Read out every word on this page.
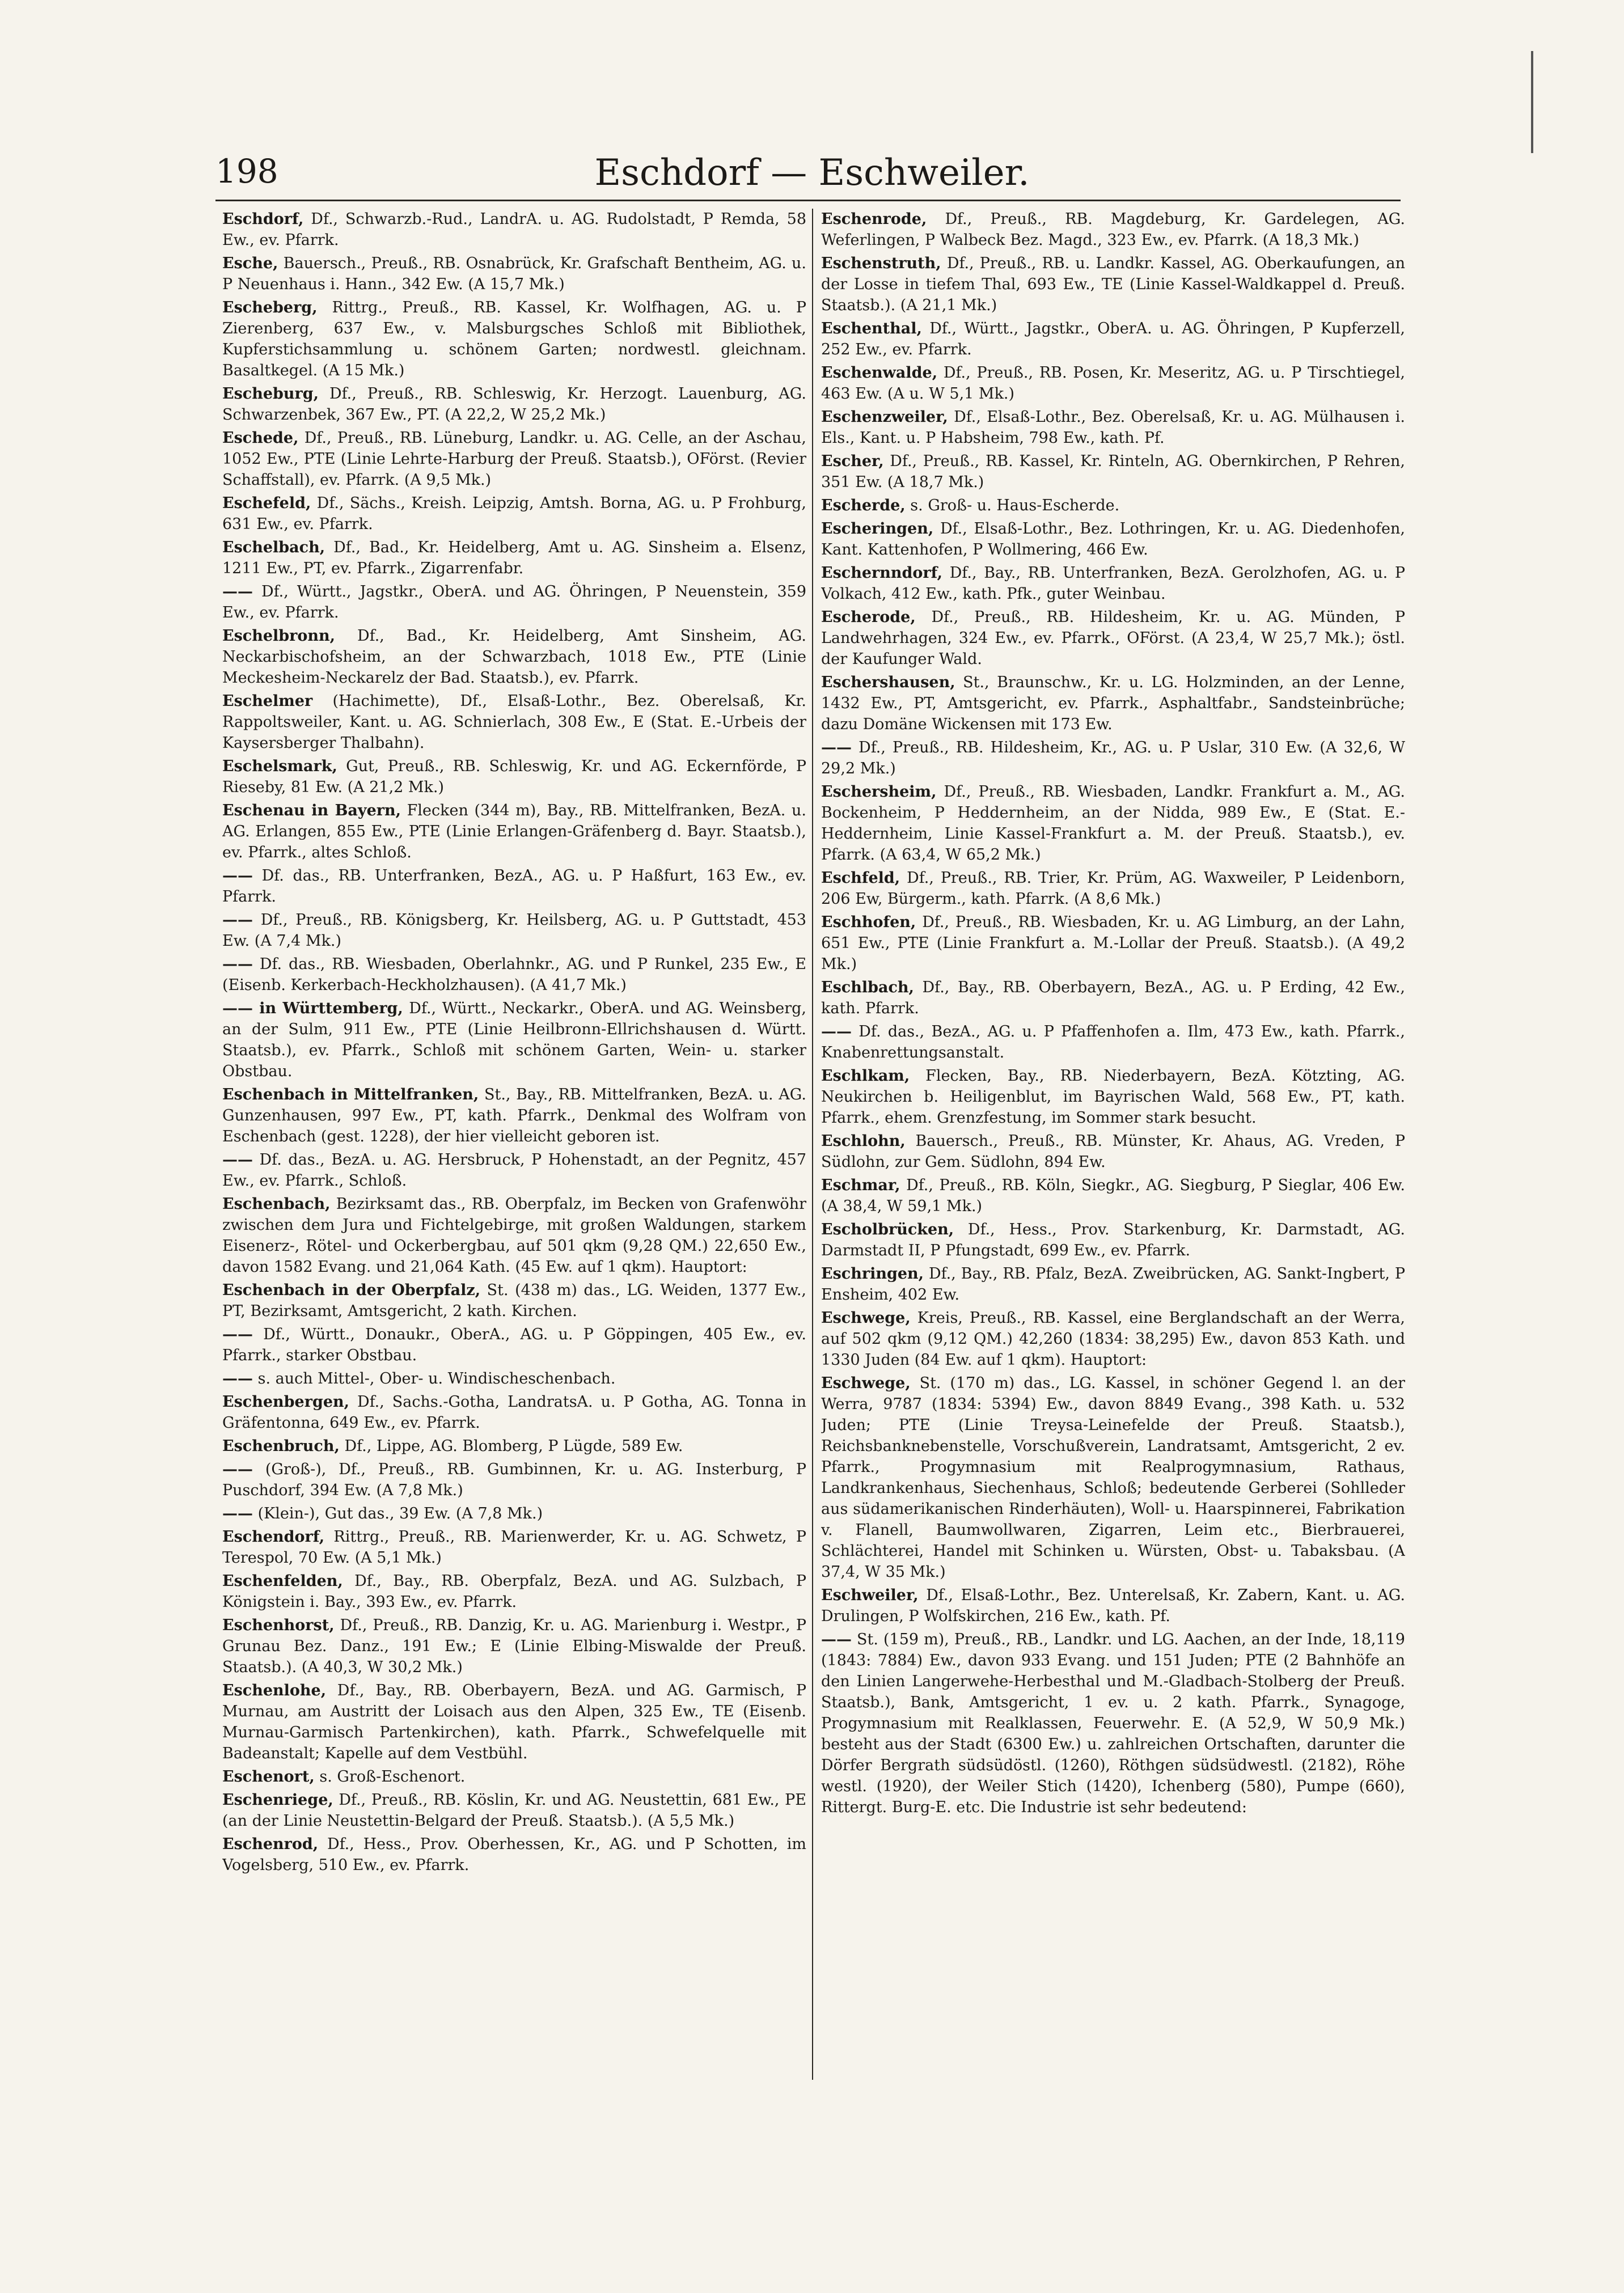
198	Eschdorf — Eschweiler.

Eschdorf, Df., Schwarzb.-Rud., LandrA. u. AG. Rudolstadt, P Remda, 58 Ew., ev. Pfarrk.

Esche, Bauersch., Preuß., RB. Osnabrück, Kr. Grafschaft Bentheim, AG. u. P Neuenhaus i. Hann., 342 Ew. (A 15,7 Mk.)

Escheberg, Rittrg., Preuß., RB. Kassel, Kr. Wolfhagen, AG. u. P Zierenberg, 637 Ew., v. Malsburgsches Schloß mit Bibliothek, Kupferstichsammlung u. schönem Garten; nordwestl. gleichnam. Basaltkegel. (A 15 Mk.)

Escheburg, Df., Preuß., RB. Schleswig, Kr. Herzogt. Lauenburg, AG. Schwarzenbek, 367 Ew., PT. (A 22,2, W 25,2 Mk.)

Eschede, Df., Preuß., RB. Lüneburg, Landkr. u. AG. Celle, an der Aschau, 1052 Ew., PTE (Linie Lehrte-Harburg der Preuß. Staatsb.), OFörst. (Revier Schaffstall), ev. Pfarrk. (A 9,5 Mk.)

Eschefeld, Df., Sächs., Kreish. Leipzig, Amtsh. Borna, AG. u. P Frohburg, 631 Ew., ev. Pfarrk.

Eschelbach, Df., Bad., Kr. Heidelberg, Amt u. AG. Sinsheim a. Elsenz, 1211 Ew., PT, ev. Pfarrk., Zigarrenfabr.

—— Df., Württ., Jagstkr., OberA. und AG. Öhringen, P Neuenstein, 359 Ew., ev. Pfarrk.

Eschelbronn, Df., Bad., Kr. Heidelberg, Amt Sinsheim, AG. Neckarbischofsheim, an der Schwarzbach, 1018 Ew., PTE (Linie Meckesheim-Neckarelz der Bad. Staatsb.), ev. Pfarrk.

Eschelmer (Hachimette), Df., Elsaß-Lothr., Bez. Oberelsaß, Kr. Rappoltsweiler, Kant. u. AG. Schnierlach, 308 Ew., E (Stat. E.-Urbeis der Kaysersberger Thalbahn).

Eschelsmark, Gut, Preuß., RB. Schleswig, Kr. und AG. Eckernförde, P Rieseby, 81 Ew. (A 21,2 Mk.)

Eschenau in Bayern, Flecken (344 m), Bay., RB. Mittelfranken, BezA. u. AG. Erlangen, 855 Ew., PTE (Linie Erlangen-Gräfenberg d. Bayr. Staatsb.), ev. Pfarrk., altes Schloß.

—— Df. das., RB. Unterfranken, BezA., AG. u. P Haßfurt, 163 Ew., ev. Pfarrk.

—— Df., Preuß., RB. Königsberg, Kr. Heilsberg, AG. u. P Guttstadt, 453 Ew. (A 7,4 Mk.)

—— Df. das., RB. Wiesbaden, Oberlahnkr., AG. und P Runkel, 235 Ew., E (Eisenb. Kerkerbach-Heckholzhausen). (A 41,7 Mk.)

—— in Württemberg, Df., Württ., Neckarkr., OberA. und AG. Weinsberg, an der Sulm, 911 Ew., PTE (Linie Heilbronn-Ellrichshausen d. Württ. Staatsb.), ev. Pfarrk., Schloß mit schönem Garten, Wein- u. starker Obstbau.

Eschenbach in Mittelfranken, St., Bay., RB. Mittelfranken, BezA. u. AG. Gunzenhausen, 997 Ew., PT, kath. Pfarrk., Denkmal des Wolfram von Eschenbach (gest. 1228), der hier vielleicht geboren ist.

—— Df. das., BezA. u. AG. Hersbruck, P Hohenstadt, an der Pegnitz, 457 Ew., ev. Pfarrk., Schloß.

Eschenbach, Bezirksamt das., RB. Oberpfalz, im Becken von Grafenwöhr zwischen dem Jura und Fichtelgebirge, mit großen Waldungen, starkem Eisenerz-, Rötel- und Ockerbergbau, auf 501 qkm (9,28 QM.) 22,650 Ew., davon 1582 Evang. und 21,064 Kath. (45 Ew. auf 1 qkm). Hauptort:

Eschenbach in der Oberpfalz, St. (438 m) das., LG. Weiden, 1377 Ew., PT, Bezirksamt, Amtsgericht, 2 kath. Kirchen.

—— Df., Württ., Donaukr., OberA., AG. u. P Göppingen, 405 Ew., ev. Pfarrk., starker Obstbau.

—— s. auch Mittel-, Ober- u. Windischeschenbach.

Eschenbergen, Df., Sachs.-Gotha, LandratsA. u. P Gotha, AG. Tonna in Gräfentonna, 649 Ew., ev. Pfarrk.

Eschenbruch, Df., Lippe, AG. Blomberg, P Lügde, 589 Ew.

—— (Groß-), Df., Preuß., RB. Gumbinnen, Kr. u. AG. Insterburg, P Puschdorf, 394 Ew. (A 7,8 Mk.)

—— (Klein-), Gut das., 39 Ew. (A 7,8 Mk.)

Eschendorf, Rittrg., Preuß., RB. Marienwerder, Kr. u. AG. Schwetz, P Terespol, 70 Ew. (A 5,1 Mk.)

Eschenfelden, Df., Bay., RB. Oberpfalz, BezA. und AG. Sulzbach, P Königstein i. Bay., 393 Ew., ev. Pfarrk.

Eschenhorst, Df., Preuß., RB. Danzig, Kr. u. AG. Marienburg i. Westpr., P Grunau Bez. Danz., 191 Ew.; E (Linie Elbing-Miswalde der Preuß. Staatsb.). (A 40,3, W 30,2 Mk.)

Eschenlohe, Df., Bay., RB. Oberbayern, BezA. und AG. Garmisch, P Murnau, am Austritt der Loisach aus den Alpen, 325 Ew., TE (Eisenb. Murnau-Garmisch Partenkirchen), kath. Pfarrk., Schwefelquelle mit Badeanstalt; Kapelle auf dem Vestbühl.

Eschenort, s. Groß-Eschenort.

Eschenriege, Df., Preuß., RB. Köslin, Kr. und AG. Neustettin, 681 Ew., PE (an der Linie Neustettin-Belgard der Preuß. Staatsb.). (A 5,5 Mk.)

Eschenrod, Df., Hess., Prov. Oberhessen, Kr., AG. und P Schotten, im Vogelsberg, 510 Ew., ev. Pfarrk.

Eschenrode, Df., Preuß., RB. Magdeburg, Kr. Gardelegen, AG. Weferlingen, P Walbeck Bez. Magd., 323 Ew., ev. Pfarrk. (A 18,3 Mk.)

Eschenstruth, Df., Preuß., RB. u. Landkr. Kassel, AG. Oberkaufungen, an der Losse in tiefem Thal, 693 Ew., TE (Linie Kassel-Waldkappel d. Preuß. Staatsb.). (A 21,1 Mk.)

Eschenthal, Df., Württ., Jagstkr., OberA. u. AG. Öhringen, P Kupferzell, 252 Ew., ev. Pfarrk.

Eschenwalde, Df., Preuß., RB. Posen, Kr. Meseritz, AG. u. P Tirschtiegel, 463 Ew. (A u. W 5,1 Mk.)

Eschenzweiler, Df., Elsaß-Lothr., Bez. Oberelsaß, Kr. u. AG. Mülhausen i. Els., Kant. u. P Habsheim, 798 Ew., kath. Pf.

Escher, Df., Preuß., RB. Kassel, Kr. Rinteln, AG. Obernkirchen, P Rehren, 351 Ew. (A 18,7 Mk.)

Escherde, s. Groß- u. Haus-Escherde.

Escheringen, Df., Elsaß-Lothr., Bez. Lothringen, Kr. u. AG. Diedenhofen, Kant. Kattenhofen, P Wollmering, 466 Ew.

Eschernndorf, Df., Bay., RB. Unterfranken, BezA. Gerolzhofen, AG. u. P Volkach, 412 Ew., kath. Pfk., guter Weinbau.

Escherode, Df., Preuß., RB. Hildesheim, Kr. u. AG. Münden, P Landwehrhagen, 324 Ew., ev. Pfarrk., OFörst. (A 23,4, W 25,7 Mk.); östl. der Kaufunger Wald.

Eschershausen, St., Braunschw., Kr. u. LG. Holzminden, an der Lenne, 1432 Ew., PT, Amtsgericht, ev. Pfarrk., Asphaltfabr., Sandsteinbrüche; dazu Domäne Wickensen mit 173 Ew.

—— Df., Preuß., RB. Hildesheim, Kr., AG. u. P Uslar, 310 Ew. (A 32,6, W 29,2 Mk.)

Eschersheim, Df., Preuß., RB. Wiesbaden, Landkr. Frankfurt a. M., AG. Bockenheim, P Heddernheim, an der Nidda, 989 Ew., E (Stat. E.-Heddernheim, Linie Kassel-Frankfurt a. M. der Preuß. Staatsb.), ev. Pfarrk. (A 63,4, W 65,2 Mk.)

Eschfeld, Df., Preuß., RB. Trier, Kr. Prüm, AG. Waxweiler, P Leidenborn, 206 Ew, Bürgerm., kath. Pfarrk. (A 8,6 Mk.)

Eschhofen, Df., Preuß., RB. Wiesbaden, Kr. u. AG Limburg, an der Lahn, 651 Ew., PTE (Linie Frankfurt a. M.-Lollar der Preuß. Staatsb.). (A 49,2 Mk.)

Eschlbach, Df., Bay., RB. Oberbayern, BezA., AG. u. P Erding, 42 Ew., kath. Pfarrk.

—— Df. das., BezA., AG. u. P Pfaffenhofen a. Ilm, 473 Ew., kath. Pfarrk., Knabenrettungsanstalt.

Eschlkam, Flecken, Bay., RB. Niederbayern, BezA. Kötzting, AG. Neukirchen b. Heiligenblut, im Bayrischen Wald, 568 Ew., PT, kath. Pfarrk., ehem. Grenzfestung, im Sommer stark besucht.

Eschlohn, Bauersch., Preuß., RB. Münster, Kr. Ahaus, AG. Vreden, P Südlohn, zur Gem. Südlohn, 894 Ew.

Eschmar, Df., Preuß., RB. Köln, Siegkr., AG. Siegburg, P Sieglar, 406 Ew. (A 38,4, W 59,1 Mk.)

Escholbrücken, Df., Hess., Prov. Starkenburg, Kr. Darmstadt, AG. Darmstadt II, P Pfungstadt, 699 Ew., ev. Pfarrk.

Eschringen, Df., Bay., RB. Pfalz, BezA. Zweibrücken, AG. Sankt-Ingbert, P Ensheim, 402 Ew.

Eschwege, Kreis, Preuß., RB. Kassel, eine Berglandschaft an der Werra, auf 502 qkm (9,12 QM.) 42,260 (1834: 38,295) Ew., davon 853 Kath. und 1330 Juden (84 Ew. auf 1 qkm). Hauptort:

Eschwege, St. (170 m) das., LG. Kassel, in schöner Gegend l. an der Werra, 9787 (1834: 5394) Ew., davon 8849 Evang., 398 Kath. u. 532 Juden; PTE (Linie Treysa-Leinefelde der Preuß. Staatsb.), Reichsbanknebenstelle, Vorschußverein, Landratsamt, Amtsgericht, 2 ev. Pfarrk., Progymnasium mit Realprogymnasium, Rathaus, Landkrankenhaus, Siechenhaus, Schloß; bedeutende Gerberei (Sohlleder aus südamerikanischen Rinderhäuten), Woll- u. Haarspinnerei, Fabrikation v. Flanell, Baumwollwaren, Zigarren, Leim etc., Bierbrauerei, Schlächterei, Handel mit Schinken u. Würsten, Obst- u. Tabaksbau. (A 37,4, W 35 Mk.)

Eschweiler, Df., Elsaß-Lothr., Bez. Unterelsaß, Kr. Zabern, Kant. u. AG. Drulingen, P Wolfskirchen, 216 Ew., kath. Pf.

—— St. (159 m), Preuß., RB., Landkr. und LG. Aachen, an der Inde, 18,119 (1843: 7884) Ew., davon 933 Evang. und 151 Juden; PTE (2 Bahnhöfe an den Linien Langerwehe-Herbesthal und M.-Gladbach-Stolberg der Preuß. Staatsb.), Bank, Amtsgericht, 1 ev. u. 2 kath. Pfarrk., Synagoge, Progymnasium mit Realklassen, Feuerwehr. E. (A 52,9, W 50,9 Mk.) besteht aus der Stadt (6300 Ew.) u. zahlreichen Ortschaften, darunter die Dörfer Bergrath südsüdöstl. (1260), Röthgen südsüdwestl. (2182), Röhe westl. (1920), der Weiler Stich (1420), Ichenberg (580), Pumpe (660), Rittergt. Burg-E. etc. Die Industrie ist sehr bedeutend:
